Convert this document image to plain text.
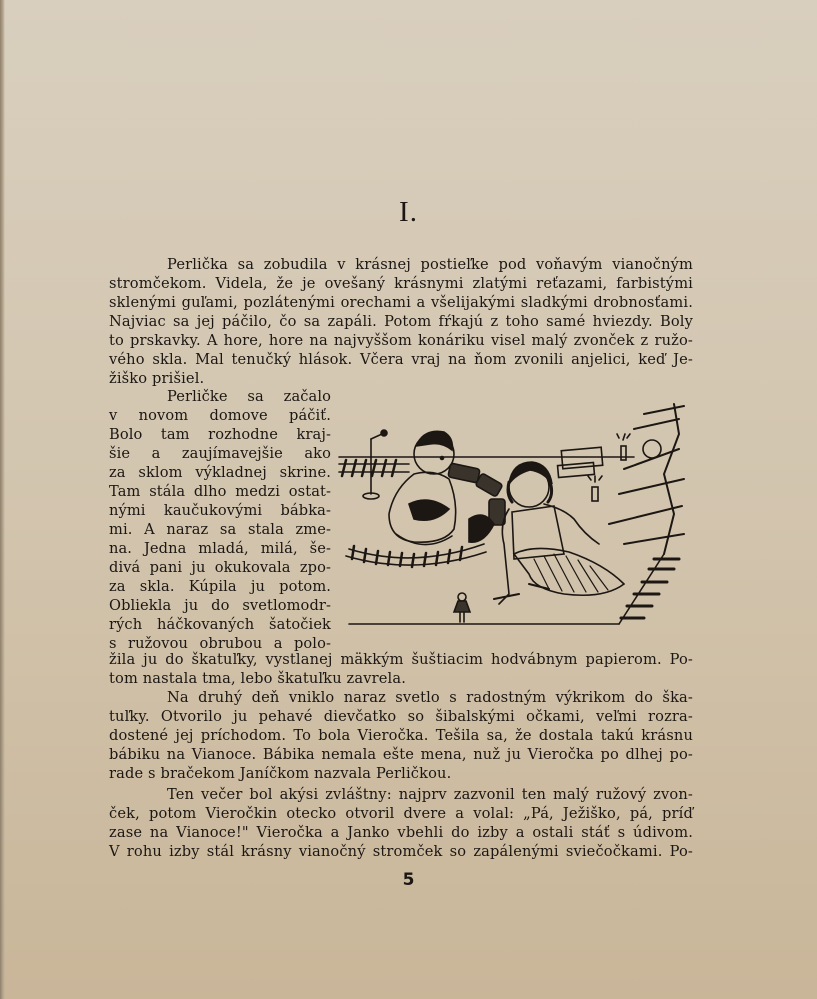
I.
Perlička sa zobudila v krásnej postieľke pod voňavým vianočným
stromčekom. Videla, že je ovešaný krásnymi zlatými reťazami, farbistými
sklenými guľami, pozlátenými orechami a všelijakými sladkými drobnosťami.
Najviac sa jej páčilo, čo sa zapáli. Potom fŕkajú z toho samé hviezdy. Boly
to prskavky. A hore, hore na najvyššom konáriku visel malý zvonček z ružo-
vého skla. Mal tenučký hlások. Včera vraj na ňom zvonili anjelici, keď Je-
žiško prišiel.
Perličke sa začalo
v novom domove páčiť.
Bolo tam rozhodne kraj-
šie a zaujímavejšie ako
za sklom výkladnej skrine.
Tam stála dlho medzi ostat-
nými kaučukovými bábka-
mi. A naraz sa stala zme-
na. Jedna mladá, milá, še-
divá pani ju okukovala zpo-
za skla. Kúpila ju potom.
Obliekla ju do svetlomodr-
rých háčkovaných šatočiek
s ružovou obrubou a polo-
žila ju do škatuľky, vystlanej mäkkým šuštiacim hodvábnym papierom. Po-
tom nastala tma, lebo škatuľku zavrela.
Na druhý deň vniklo naraz svetlo s radostným výkrikom do ška-
tuľky. Otvorilo ju pehavé dievčatko so šibalskými očkami, veľmi rozra-
dostené jej príchodom. To bola Vieročka. Tešila sa, že dostala takú krásnu
bábiku na Vianoce. Bábika nemala ešte mena, nuž ju Vieročka po dlhej po-
rade s bračekom Janíčkom nazvala Perličkou.
Ten večer bol akýsi zvláštny: najprv zazvonil ten malý ružový zvon-
ček, potom Vieročkin otecko otvoril dvere a volal: „Pá, Ježiško, pá, príď
zase na Vianoce!" Vieročka a Janko vbehli do izby a ostali stáť s údivom.
V rohu izby stál krásny vianočný stromček so zapálenými sviečočkami. Po-
5
